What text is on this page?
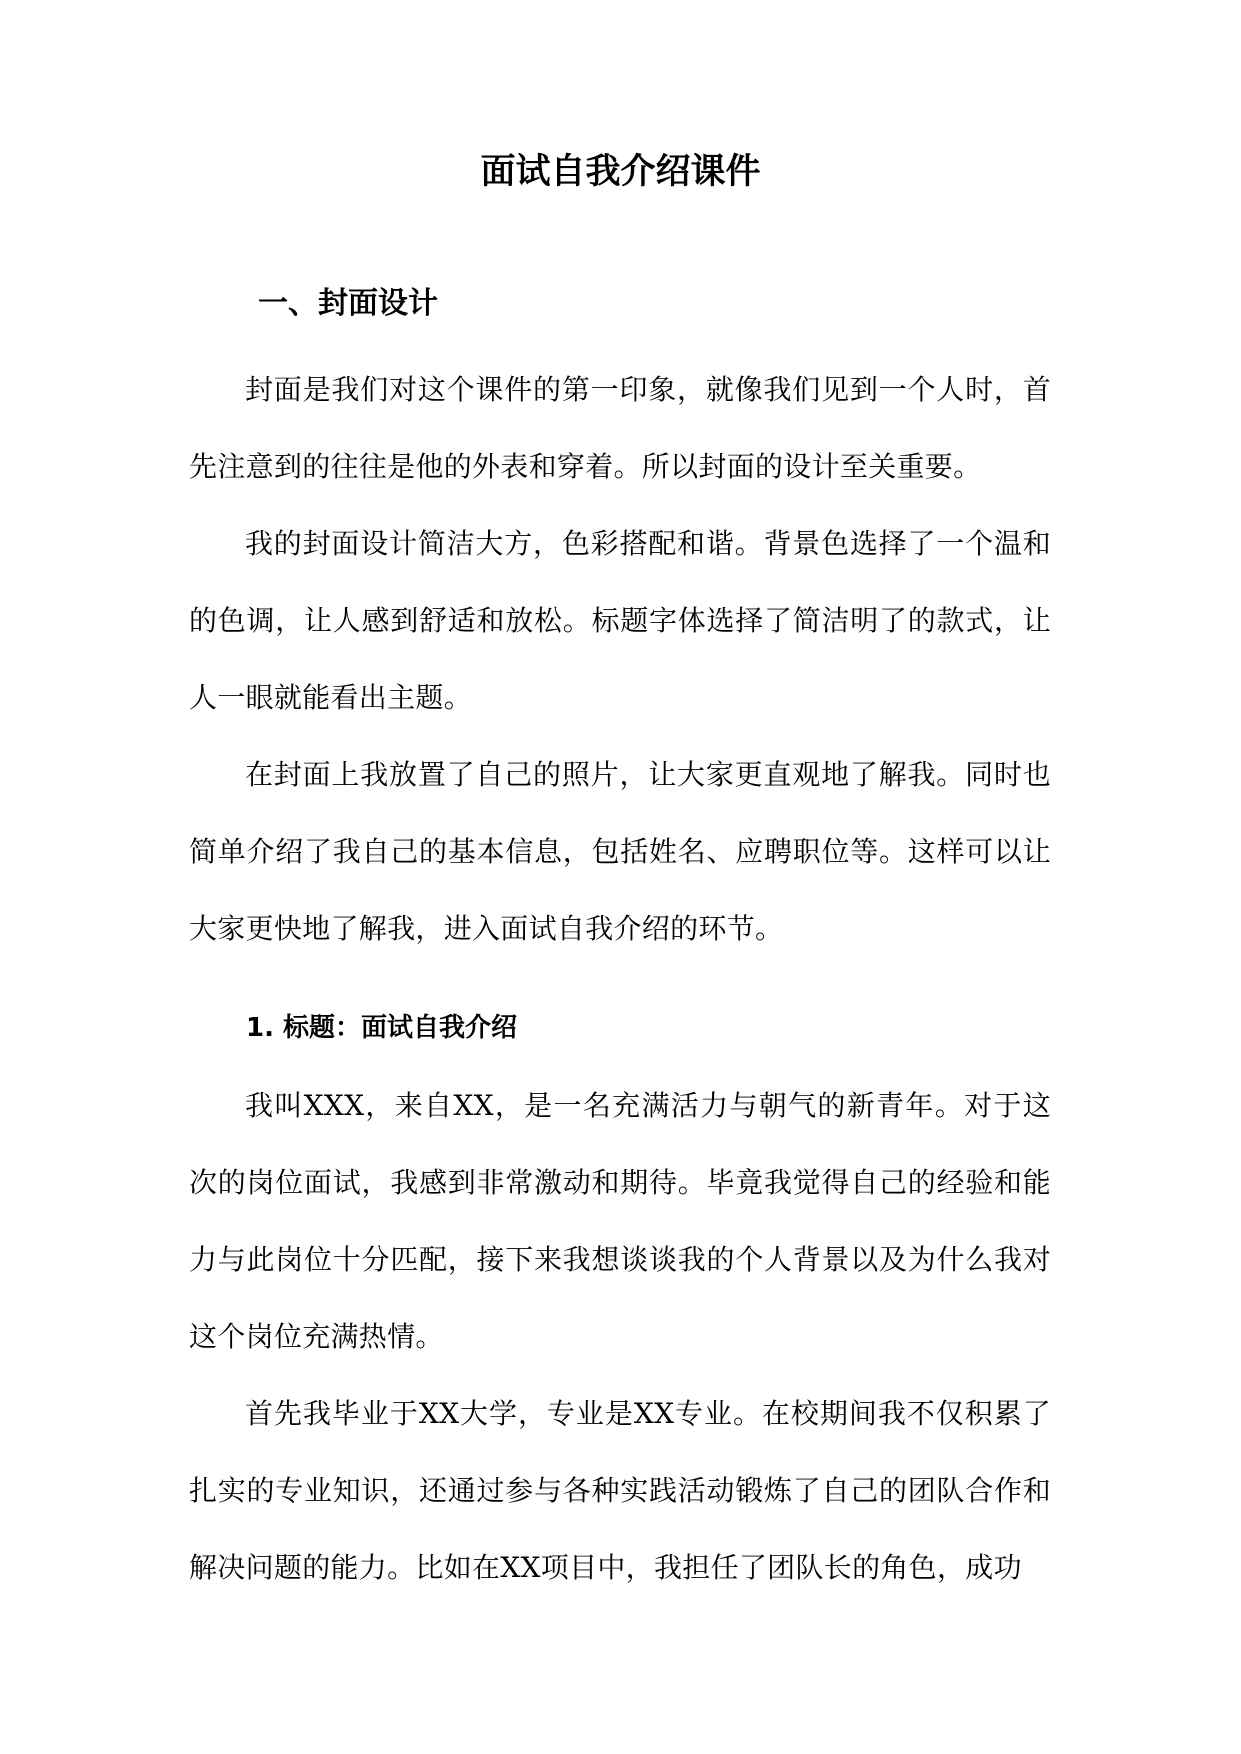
面试自我介绍课件
一、封面设计

封面是我们对这个课件的第一印象，就像我们见到一个人时，首先注意到的往往是他的外表和穿着。所以封面的设计至关重要。

我的封面设计简洁大方，色彩搭配和谐。背景色选择了一个温和的色调，让人感到舒适和放松。标题字体选择了简洁明了的款式，让人一眼就能看出主题。

在封面上我放置了自己的照片，让大家更直观地了解我。同时也简单介绍了我自己的基本信息，包括姓名、应聘职位等。这样可以让大家更快地了解我，进入面试自我介绍的环节。

1. 标题：面试自我介绍

我叫XXX，来自XX，是一名充满活力与朝气的新青年。对于这次的岗位面试，我感到非常激动和期待。毕竟我觉得自己的经验和能力与此岗位十分匹配，接下来我想谈谈我的个人背景以及为什么我对这个岗位充满热情。

首先我毕业于XX大学，专业是XX专业。在校期间我不仅积累了扎实的专业知识，还通过参与各种实践活动锻炼了自己的团队合作和解决问题的能力。比如在XX项目中，我担任了团队长的角色，成功
